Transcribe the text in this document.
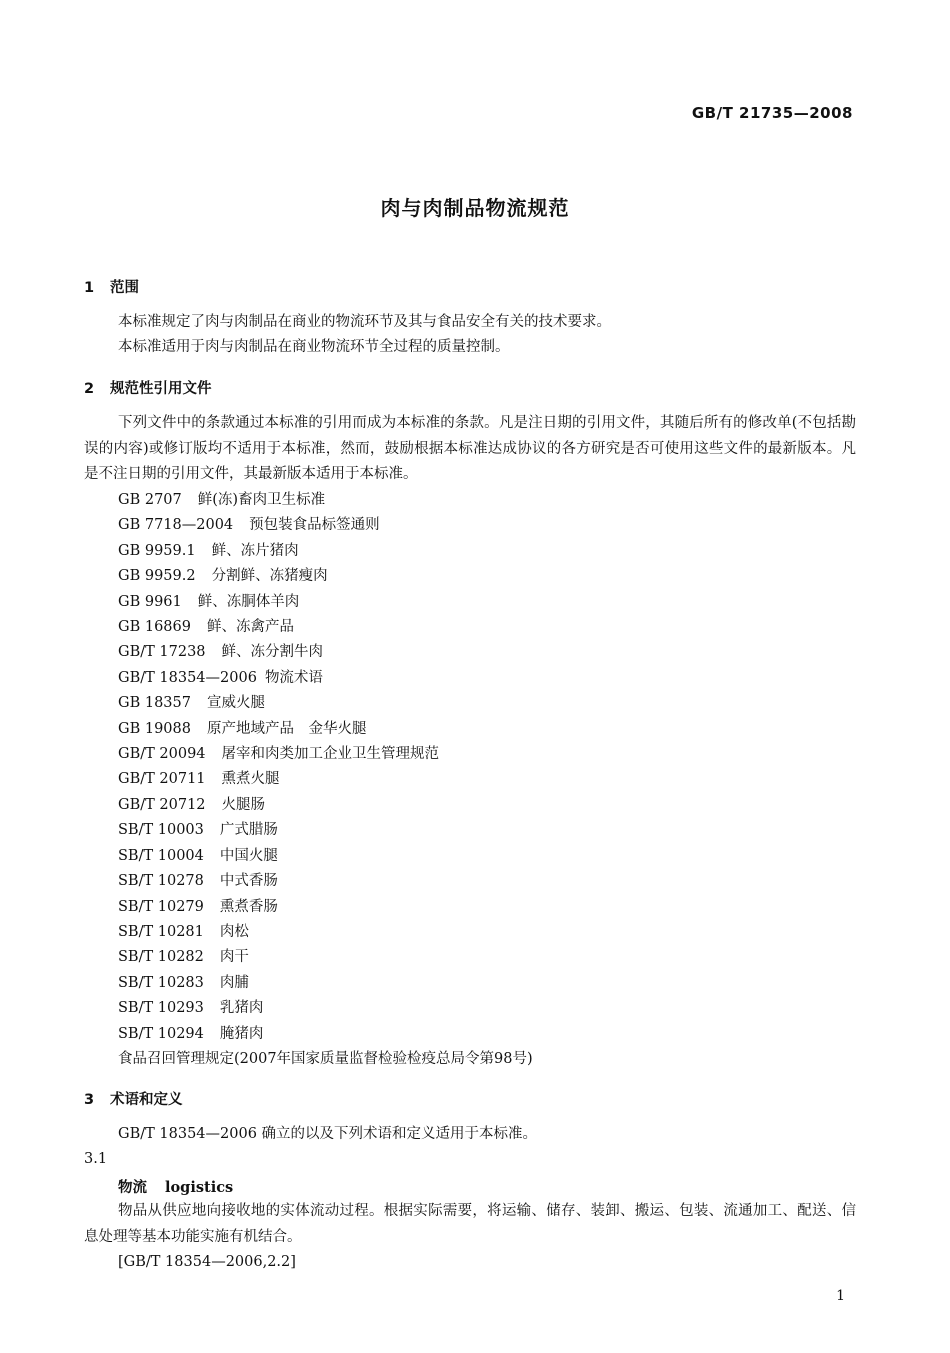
GB/T 21735—2008
肉与肉制品物流规范
1 范围
本标准规定了肉与肉制品在商业的物流环节及其与食品安全有关的技术要求。
本标准适用于肉与肉制品在商业物流环节全过程的质量控制。
2 规范性引用文件
下列文件中的条款通过本标准的引用而成为本标准的条款。凡是注日期的引用文件，其随后所有的修改单(不包括勘误的内容)或修订版均不适用于本标准，然而，鼓励根据本标准达成协议的各方研究是否可使用这些文件的最新版本。凡是不注日期的引用文件，其最新版本适用于本标准。
GB 2707 鲜(冻)畜肉卫生标准
GB 7718—2004 预包装食品标签通则
GB 9959.1 鲜、冻片猪肉
GB 9959.2 分割鲜、冻猪瘦肉
GB 9961 鲜、冻胴体羊肉
GB 16869 鲜、冻禽产品
GB/T 17238 鲜、冻分割牛肉
GB/T 18354—2006 物流术语
GB 18357 宣威火腿
GB 19088 原产地域产品　金华火腿
GB/T 20094 屠宰和肉类加工企业卫生管理规范
GB/T 20711 熏煮火腿
GB/T 20712 火腿肠
SB/T 10003 广式腊肠
SB/T 10004 中国火腿
SB/T 10278 中式香肠
SB/T 10279 熏煮香肠
SB/T 10281 肉松
SB/T 10282 肉干
SB/T 10283 肉脯
SB/T 10293 乳猪肉
SB/T 10294 腌猪肉
食品召回管理规定(2007年国家质量监督检验检疫总局令第98号)
3 术语和定义
GB/T 18354—2006 确立的以及下列术语和定义适用于本标准。
3.1
物流 logistics
物品从供应地向接收地的实体流动过程。根据实际需要，将运输、储存、装卸、搬运、包装、流通加工、配送、信息处理等基本功能实施有机结合。
[GB/T 18354—2006,2.2]
1
